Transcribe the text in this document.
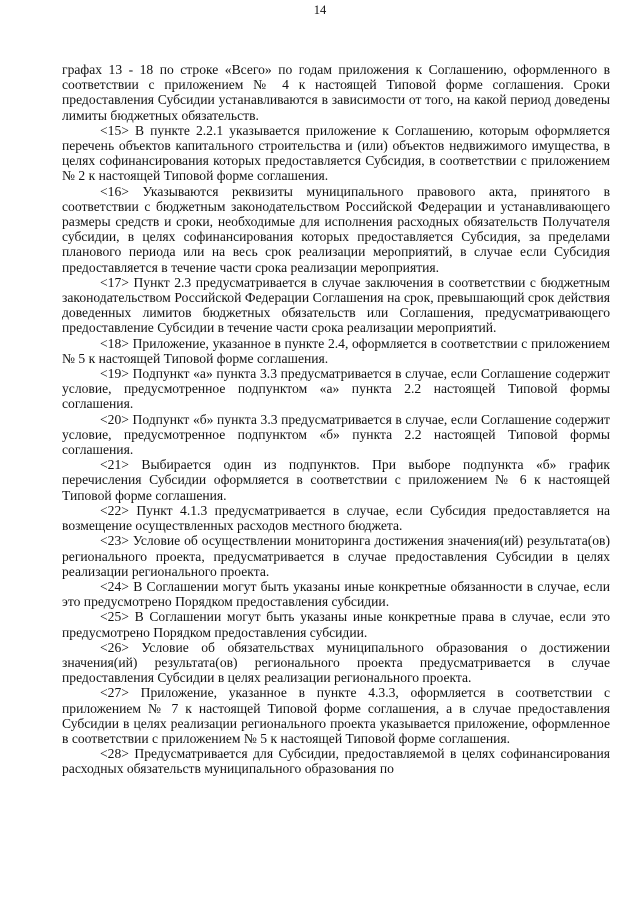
14

графах 13 - 18 по строке «Всего» по годам приложения к Соглашению, оформленного в соответствии с приложением № 4 к настоящей Типовой форме соглашения. Сроки предоставления Субсидии устанавливаются в зависимости от того, на какой период доведены лимиты бюджетных обязательств.

<15> В пункте 2.2.1 указывается приложение к Соглашению, которым оформляется перечень объектов капитального строительства и (или) объектов недвижимого имущества, в целях софинансирования которых предоставляется Субсидия, в соответствии с приложением № 2 к настоящей Типовой форме соглашения.

<16> Указываются реквизиты муниципального правового акта, принятого в соответствии с бюджетным законодательством Российской Федерации и устанавливающего размеры средств и сроки, необходимые для исполнения расходных обязательств Получателя субсидии, в целях софинансирования которых предоставляется Субсидия, за пределами планового периода или на весь срок реализации мероприятий, в случае если Субсидия предоставляется в течение части срока реализации мероприятия.

<17> Пункт 2.3 предусматривается в случае заключения в соответствии с бюджетным законодательством Российской Федерации Соглашения на срок, превышающий срок действия доведенных лимитов бюджетных обязательств или Соглашения, предусматривающего предоставление Субсидии в течение части срока реализации мероприятий.

<18> Приложение, указанное в пункте 2.4, оформляется в соответствии с приложением № 5 к настоящей Типовой форме соглашения.

<19> Подпункт «а» пункта 3.3 предусматривается в случае, если Соглашение содержит условие, предусмотренное подпунктом «а» пункта 2.2 настоящей Типовой формы соглашения.

<20> Подпункт «б» пункта 3.3 предусматривается в случае, если Соглашение содержит условие, предусмотренное подпунктом «б» пункта 2.2 настоящей Типовой формы соглашения.

<21> Выбирается один из подпунктов. При выборе подпункта «б» график перечисления Субсидии оформляется в соответствии с приложением № 6 к настоящей Типовой форме соглашения.

<22> Пункт 4.1.3 предусматривается в случае, если Субсидия предоставляется на возмещение осуществленных расходов местного бюджета.

<23> Условие об осуществлении мониторинга достижения значения(ий) результата(ов) регионального проекта, предусматривается в случае предоставления Субсидии в целях реализации регионального проекта.

<24> В Соглашении могут быть указаны иные конкретные обязанности в случае, если это предусмотрено Порядком предоставления субсидии.

<25> В Соглашении могут быть указаны иные конкретные права в случае, если это предусмотрено Порядком предоставления субсидии.

<26> Условие об обязательствах муниципального образования о достижении значения(ий) результата(ов) регионального проекта предусматривается в случае предоставления Субсидии в целях реализации регионального проекта.

<27> Приложение, указанное в пункте 4.3.3, оформляется в соответствии с приложением № 7 к настоящей Типовой форме соглашения, а в случае предоставления Субсидии в целях реализации регионального проекта указывается приложение, оформленное в соответствии с приложением № 5 к настоящей Типовой форме соглашения.

<28> Предусматривается для Субсидии, предоставляемой в целях софинансирования расходных обязательств муниципального образования по
